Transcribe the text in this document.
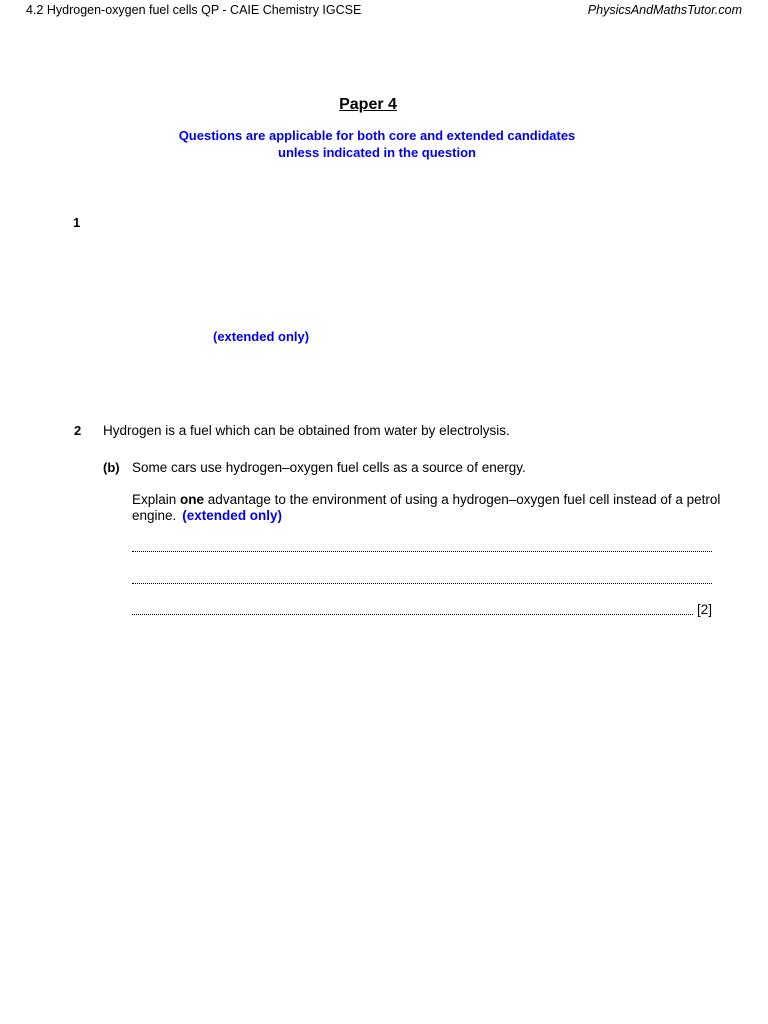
4.2 Hydrogen-oxygen fuel cells QP - CAIE Chemistry IGCSE	PhysicsAndMathsTutor.com
Paper 4
Questions are applicable for both core and extended candidates
unless indicated in the question
1
(extended only)
2 Hydrogen is a fuel which can be obtained from water by electrolysis.
(b) Some cars use hydrogen–oxygen fuel cells as a source of energy.
Explain one advantage to the environment of using a hydrogen–oxygen fuel cell instead of a petrol engine. (extended only)
[2]
